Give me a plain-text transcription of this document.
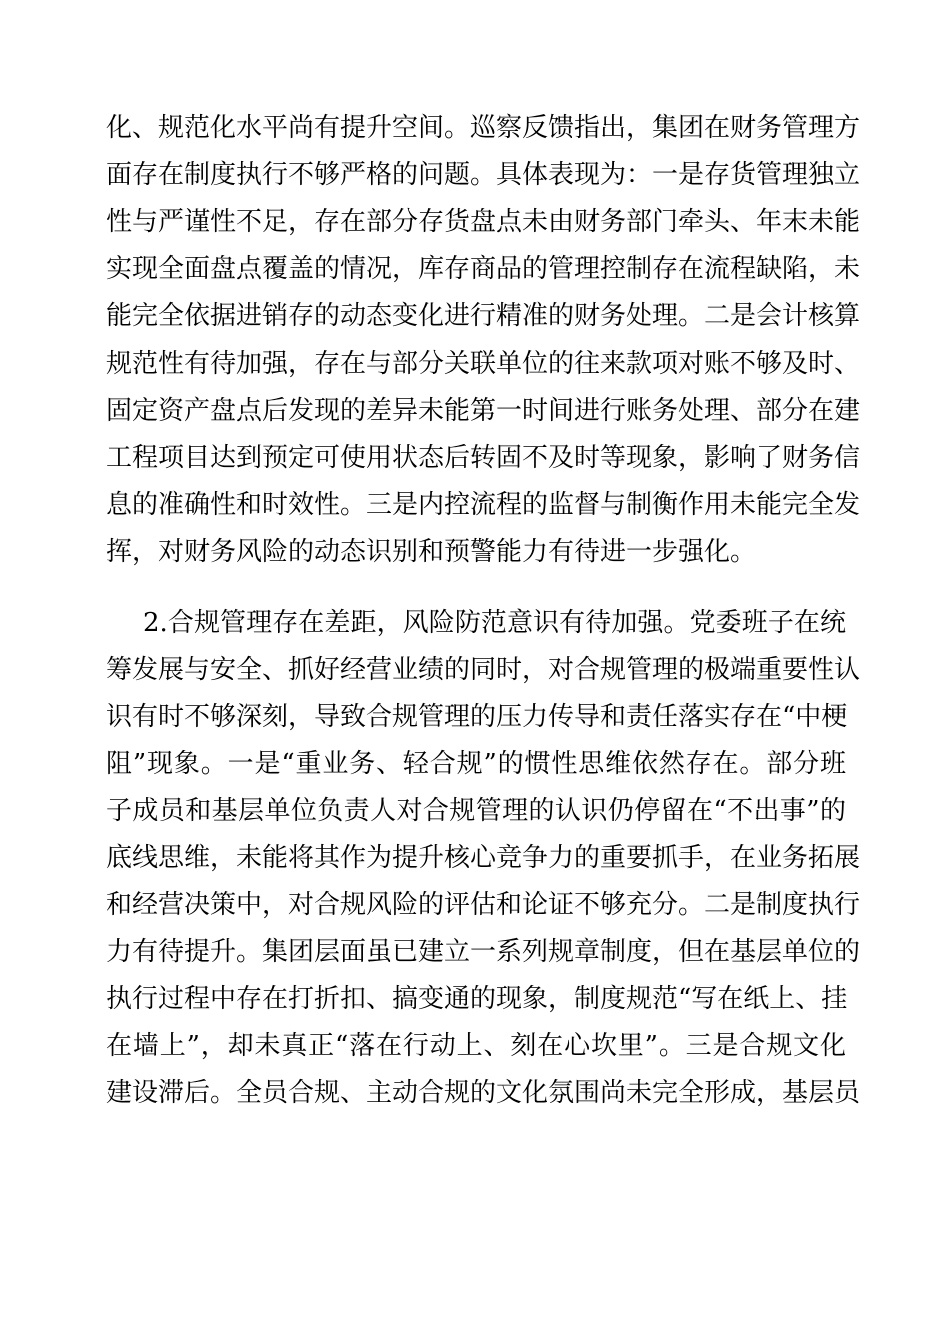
化、规范化水平尚有提升空间。巡察反馈指出，集团在财务管理方
面存在制度执行不够严格的问题。具体表现为：一是存货管理独立
性与严谨性不足，存在部分存货盘点未由财务部门牵头、年末未能
实现全面盘点覆盖的情况，库存商品的管理控制存在流程缺陷，未
能完全依据进销存的动态变化进行精准的财务处理。二是会计核算
规范性有待加强，存在与部分关联单位的往来款项对账不够及时、
固定资产盘点后发现的差异未能第一时间进行账务处理、部分在建
工程项目达到预定可使用状态后转固不及时等现象，影响了财务信
息的准确性和时效性。三是内控流程的监督与制衡作用未能完全发
挥，对财务风险的动态识别和预警能力有待进一步强化。
2.合规管理存在差距，风险防范意识有待加强。党委班子在统
筹发展与安全、抓好经营业绩的同时，对合规管理的极端重要性认
识有时不够深刻，导致合规管理的压力传导和责任落实存在“中梗
阻”现象。一是“重业务、轻合规”的惯性思维依然存在。部分班
子成员和基层单位负责人对合规管理的认识仍停留在“不出事”的
底线思维，未能将其作为提升核心竞争力的重要抓手，在业务拓展
和经营决策中，对合规风险的评估和论证不够充分。二是制度执行
力有待提升。集团层面虽已建立一系列规章制度，但在基层单位的
执行过程中存在打折扣、搞变通的现象，制度规范“写在纸上、挂
在墙上”，却未真正“落在行动上、刻在心坎里”。三是合规文化
建设滞后。全员合规、主动合规的文化氛围尚未完全形成，基层员
